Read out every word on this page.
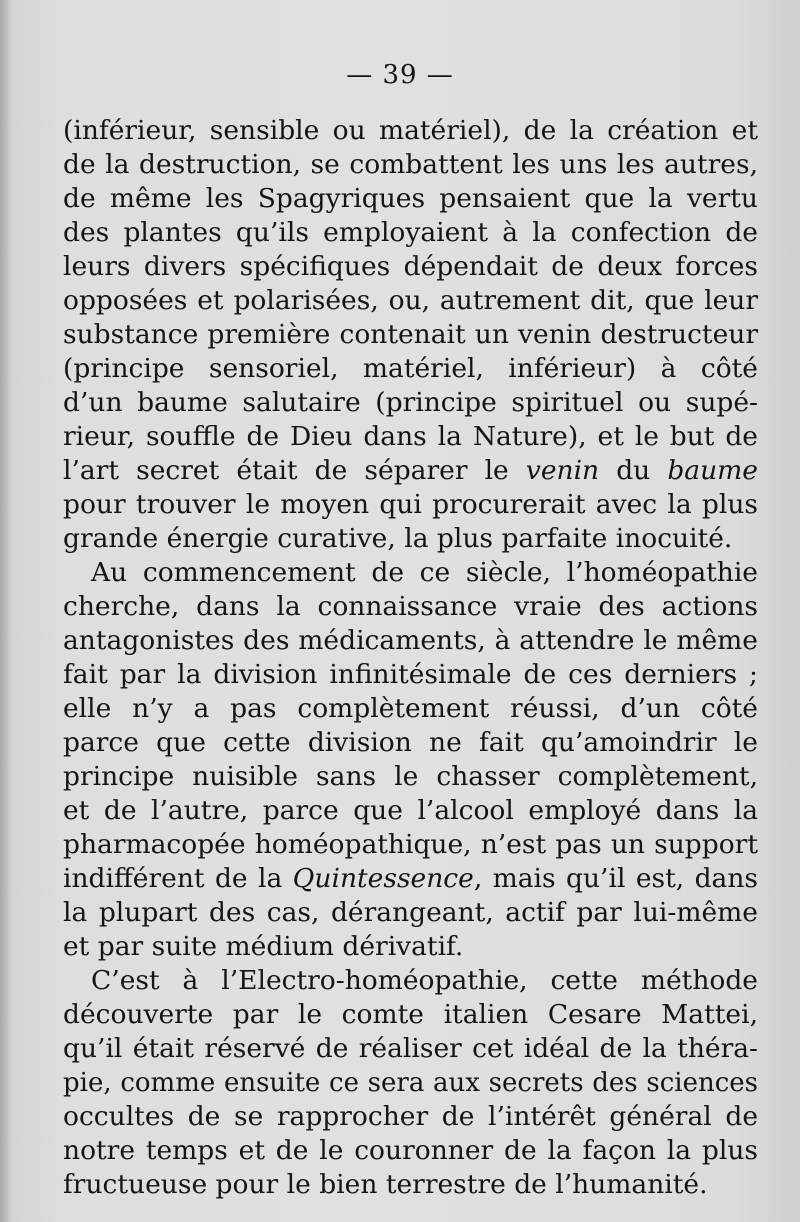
— 39 —
(inférieur, sensible ou matériel), de la création et
de la destruction, se combattent les uns les autres,
de même les Spagyriques pensaient que la vertu
des plantes qu’ils employaient à la confection de
leurs divers spécifiques dépendait de deux forces
opposées et polarisées, ou, autrement dit, que leur
substance première contenait un venin destructeur
(principe sensoriel, matériel, inférieur) à côté
d’un baume salutaire (principe spirituel ou supé-
rieur, souffle de Dieu dans la Nature), et le but de
l’art secret était de séparer le venin du baume
pour trouver le moyen qui procurerait avec la plus
grande énergie curative, la plus parfaite inocuité.
Au commencement de ce siècle, l’homéopathie
cherche, dans la connaissance vraie des actions
antagonistes des médicaments, à attendre le même
fait par la division infinitésimale de ces derniers ;
elle n’y a pas complètement réussi, d’un côté
parce que cette division ne fait qu’amoindrir le
principe nuisible sans le chasser complètement,
et de l’autre, parce que l’alcool employé dans la
pharmacopée homéopathique, n’est pas un support
indifférent de la Quintessence, mais qu’il est, dans
la plupart des cas, dérangeant, actif par lui-même
et par suite médium dérivatif.
C’est à l’Electro-homéopathie, cette méthode
découverte par le comte italien Cesare Mattei,
qu’il était réservé de réaliser cet idéal de la théra-
pie, comme ensuite ce sera aux secrets des sciences
occultes de se rapprocher de l’intérêt général de
notre temps et de le couronner de la façon la plus
fructueuse pour le bien terrestre de l’humanité.
